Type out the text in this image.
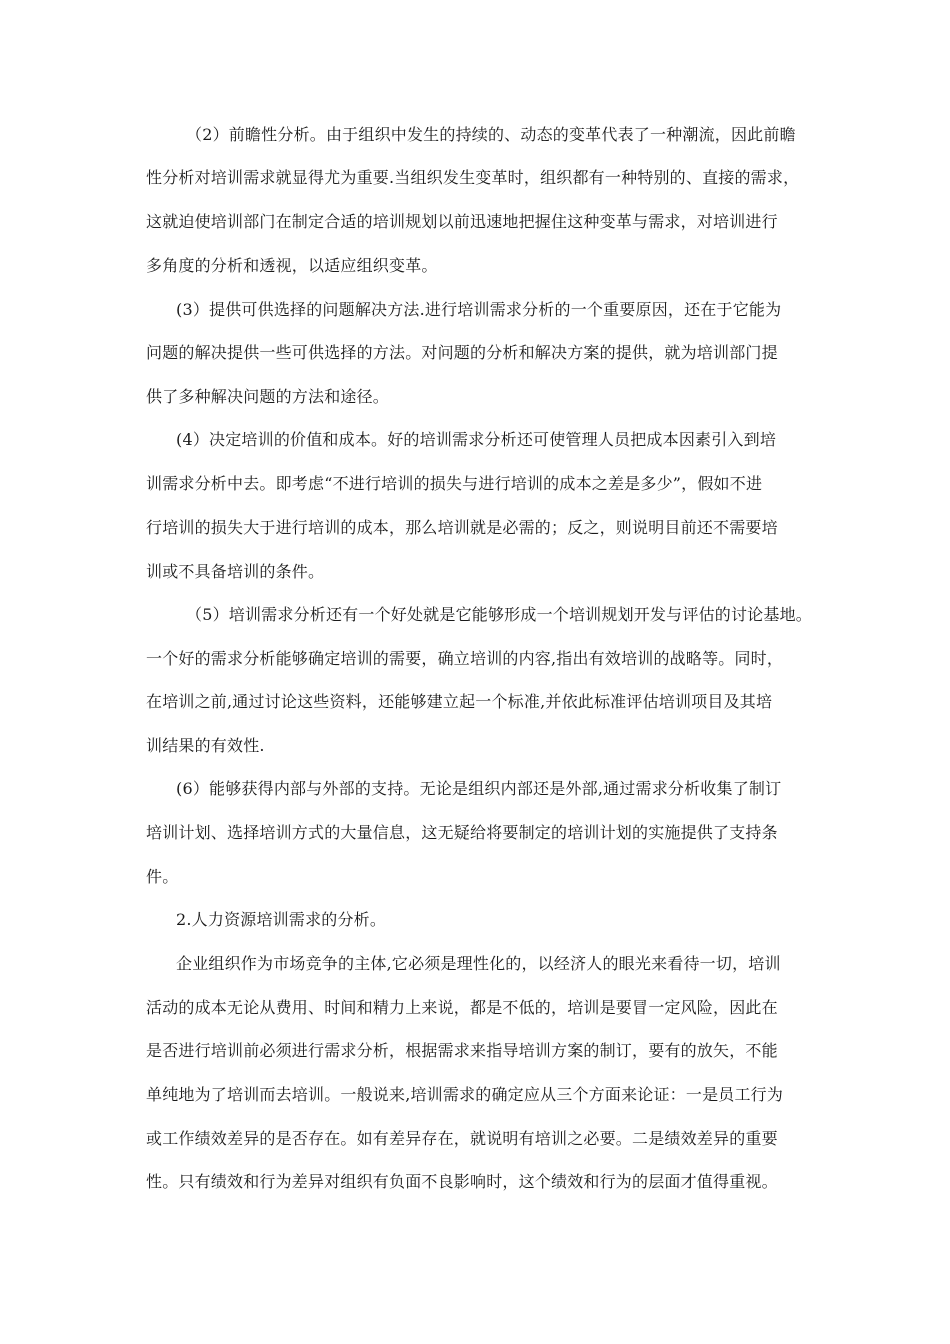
（2）前瞻性分析。由于组织中发生的持续的、动态的变革代表了一种潮流，因此前瞻
性分析对培训需求就显得尤为重要.当组织发生变革时，组织都有一种特别的、直接的需求，
这就迫使培训部门在制定合适的培训规划以前迅速地把握住这种变革与需求，对培训进行
多角度的分析和透视，以适应组织变革。
(3）提供可供选择的问题解决方法.进行培训需求分析的一个重要原因，还在于它能为
问题的解决提供一些可供选择的方法。对问题的分析和解决方案的提供，就为培训部门提
供了多种解决问题的方法和途径。
(4）决定培训的价值和成本。好的培训需求分析还可使管理人员把成本因素引入到培
训需求分析中去。即考虑“不进行培训的损失与进行培训的成本之差是多少”，假如不进
行培训的损失大于进行培训的成本，那么培训就是必需的；反之，则说明目前还不需要培
训或不具备培训的条件。
（5）培训需求分析还有一个好处就是它能够形成一个培训规划开发与评估的讨论基地。
一个好的需求分析能够确定培训的需要，确立培训的内容,指出有效培训的战略等。同时，
在培训之前,通过讨论这些资料，还能够建立起一个标准,并依此标准评估培训项目及其培
训结果的有效性.
(6）能够获得内部与外部的支持。无论是组织内部还是外部,通过需求分析收集了制订
培训计划、选择培训方式的大量信息，这无疑给将要制定的培训计划的实施提供了支持条
件。
2.人力资源培训需求的分析。
企业组织作为市场竞争的主体,它必须是理性化的，以经济人的眼光来看待一切，培训
活动的成本无论从费用、时间和精力上来说，都是不低的，培训是要冒一定风险，因此在
是否进行培训前必须进行需求分析，根据需求来指导培训方案的制订，要有的放矢，不能
单纯地为了培训而去培训。一般说来,培训需求的确定应从三个方面来论证：一是员工行为
或工作绩效差异的是否存在。如有差异存在，就说明有培训之必要。二是绩效差异的重要
性。只有绩效和行为差异对组织有负面不良影响时，这个绩效和行为的层面才值得重视。
